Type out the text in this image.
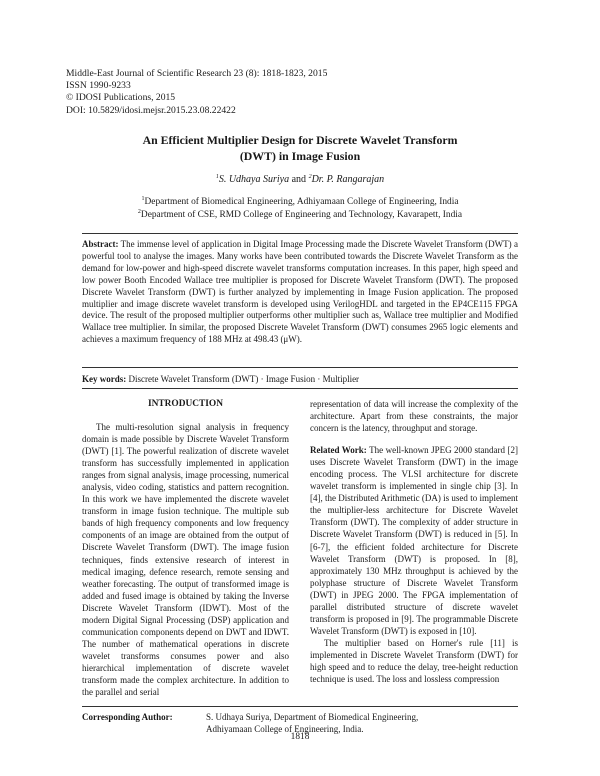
Middle-East Journal of Scientific Research 23 (8): 1818-1823, 2015
ISSN 1990-9233
© IDOSI Publications, 2015
DOI: 10.5829/idosi.mejsr.2015.23.08.22422
An Efficient Multiplier Design for Discrete Wavelet Transform
(DWT) in Image Fusion
$^1$S. Udhaya Suriya and $^2$Dr. P. Rangarajan
$^1$Department of Biomedical Engineering, Adhiyamaan College of Engineering, India
$^2$Department of CSE, RMD College of Engineering and Technology, Kavarapett, India
Abstract: The immense level of application in Digital Image Processing made the Discrete Wavelet Transform (DWT) a powerful tool to analyse the images. Many works have been contributed towards the Discrete Wavelet Transform as the demand for low-power and high-speed discrete wavelet transforms computation increases. In this paper, high speed and low power Booth Encoded Wallace tree multiplier is proposed for Discrete Wavelet Transform (DWT). The proposed Discrete Wavelet Transform (DWT) is further analyzed by implementing in Image Fusion application. The proposed multiplier and image discrete wavelet transform is developed using VerilogHDL and targeted in the EP4CE115 FPGA device. The result of the proposed multiplier outperforms other multiplier such as, Wallace tree multiplier and Modified Wallace tree multiplier. In similar, the proposed Discrete Wavelet Transform (DWT) consumes 2965 logic elements and achieves a maximum frequency of 188 MHz at 498.43 (μW).
Key words: Discrete Wavelet Transform (DWT) · Image Fusion · Multiplier
INTRODUCTION

The multi-resolution signal analysis in frequency domain is made possible by Discrete Wavelet Transform (DWT) [1]. The powerful realization of discrete wavelet transform has successfully implemented in application ranges from signal analysis, image processing, numerical analysis, video coding, statistics and pattern recognition. In this work we have implemented the discrete wavelet transform in image fusion technique. The multiple sub bands of high frequency components and low frequency components of an image are obtained from the output of Discrete Wavelet Transform (DWT). The image fusion techniques, finds extensive research of interest in medical imaging, defence research, remote sensing and weather forecasting. The output of transformed image is added and fused image is obtained by taking the Inverse Discrete Wavelet Transform (IDWT). Most of the modern Digital Signal Processing (DSP) application and communication components depend on DWT and IDWT. The number of mathematical operations in discrete wavelet transforms consumes power and also hierarchical implementation of discrete wavelet transform made the complex architecture. In addition to the parallel and serial

representation of data will increase the complexity of the architecture. Apart from these constraints, the major concern is the latency, throughput and storage.

Related Work: The well-known JPEG 2000 standard [2] uses Discrete Wavelet Transform (DWT) in the image encoding process. The VLSI architecture for discrete wavelet transform is implemented in single chip [3]. In [4], the Distributed Arithmetic (DA) is used to implement the multiplier-less architecture for Discrete Wavelet Transform (DWT). The complexity of adder structure in Discrete Wavelet Transform (DWT) is reduced in [5]. In [6-7], the efficient folded architecture for Discrete Wavelet Transform (DWT) is proposed. In [8], approximately 130 MHz throughput is achieved by the polyphase structure of Discrete Wavelet Transform (DWT) in JPEG 2000. The FPGA implementation of parallel distributed structure of discrete wavelet transform is proposed in [9]. The programmable Discrete Wavelet Transform (DWT) is exposed in [10].

The multiplier based on Horner's rule [11] is implemented in Discrete Wavelet Transform (DWT) for high speed and to reduce the delay, tree-height reduction technique is used. The loss and lossless compression

Corresponding Author:	S. Udhaya Suriya, Department of Biomedical Engineering,
Adhiyamaan College of Engineering, India.
1818
